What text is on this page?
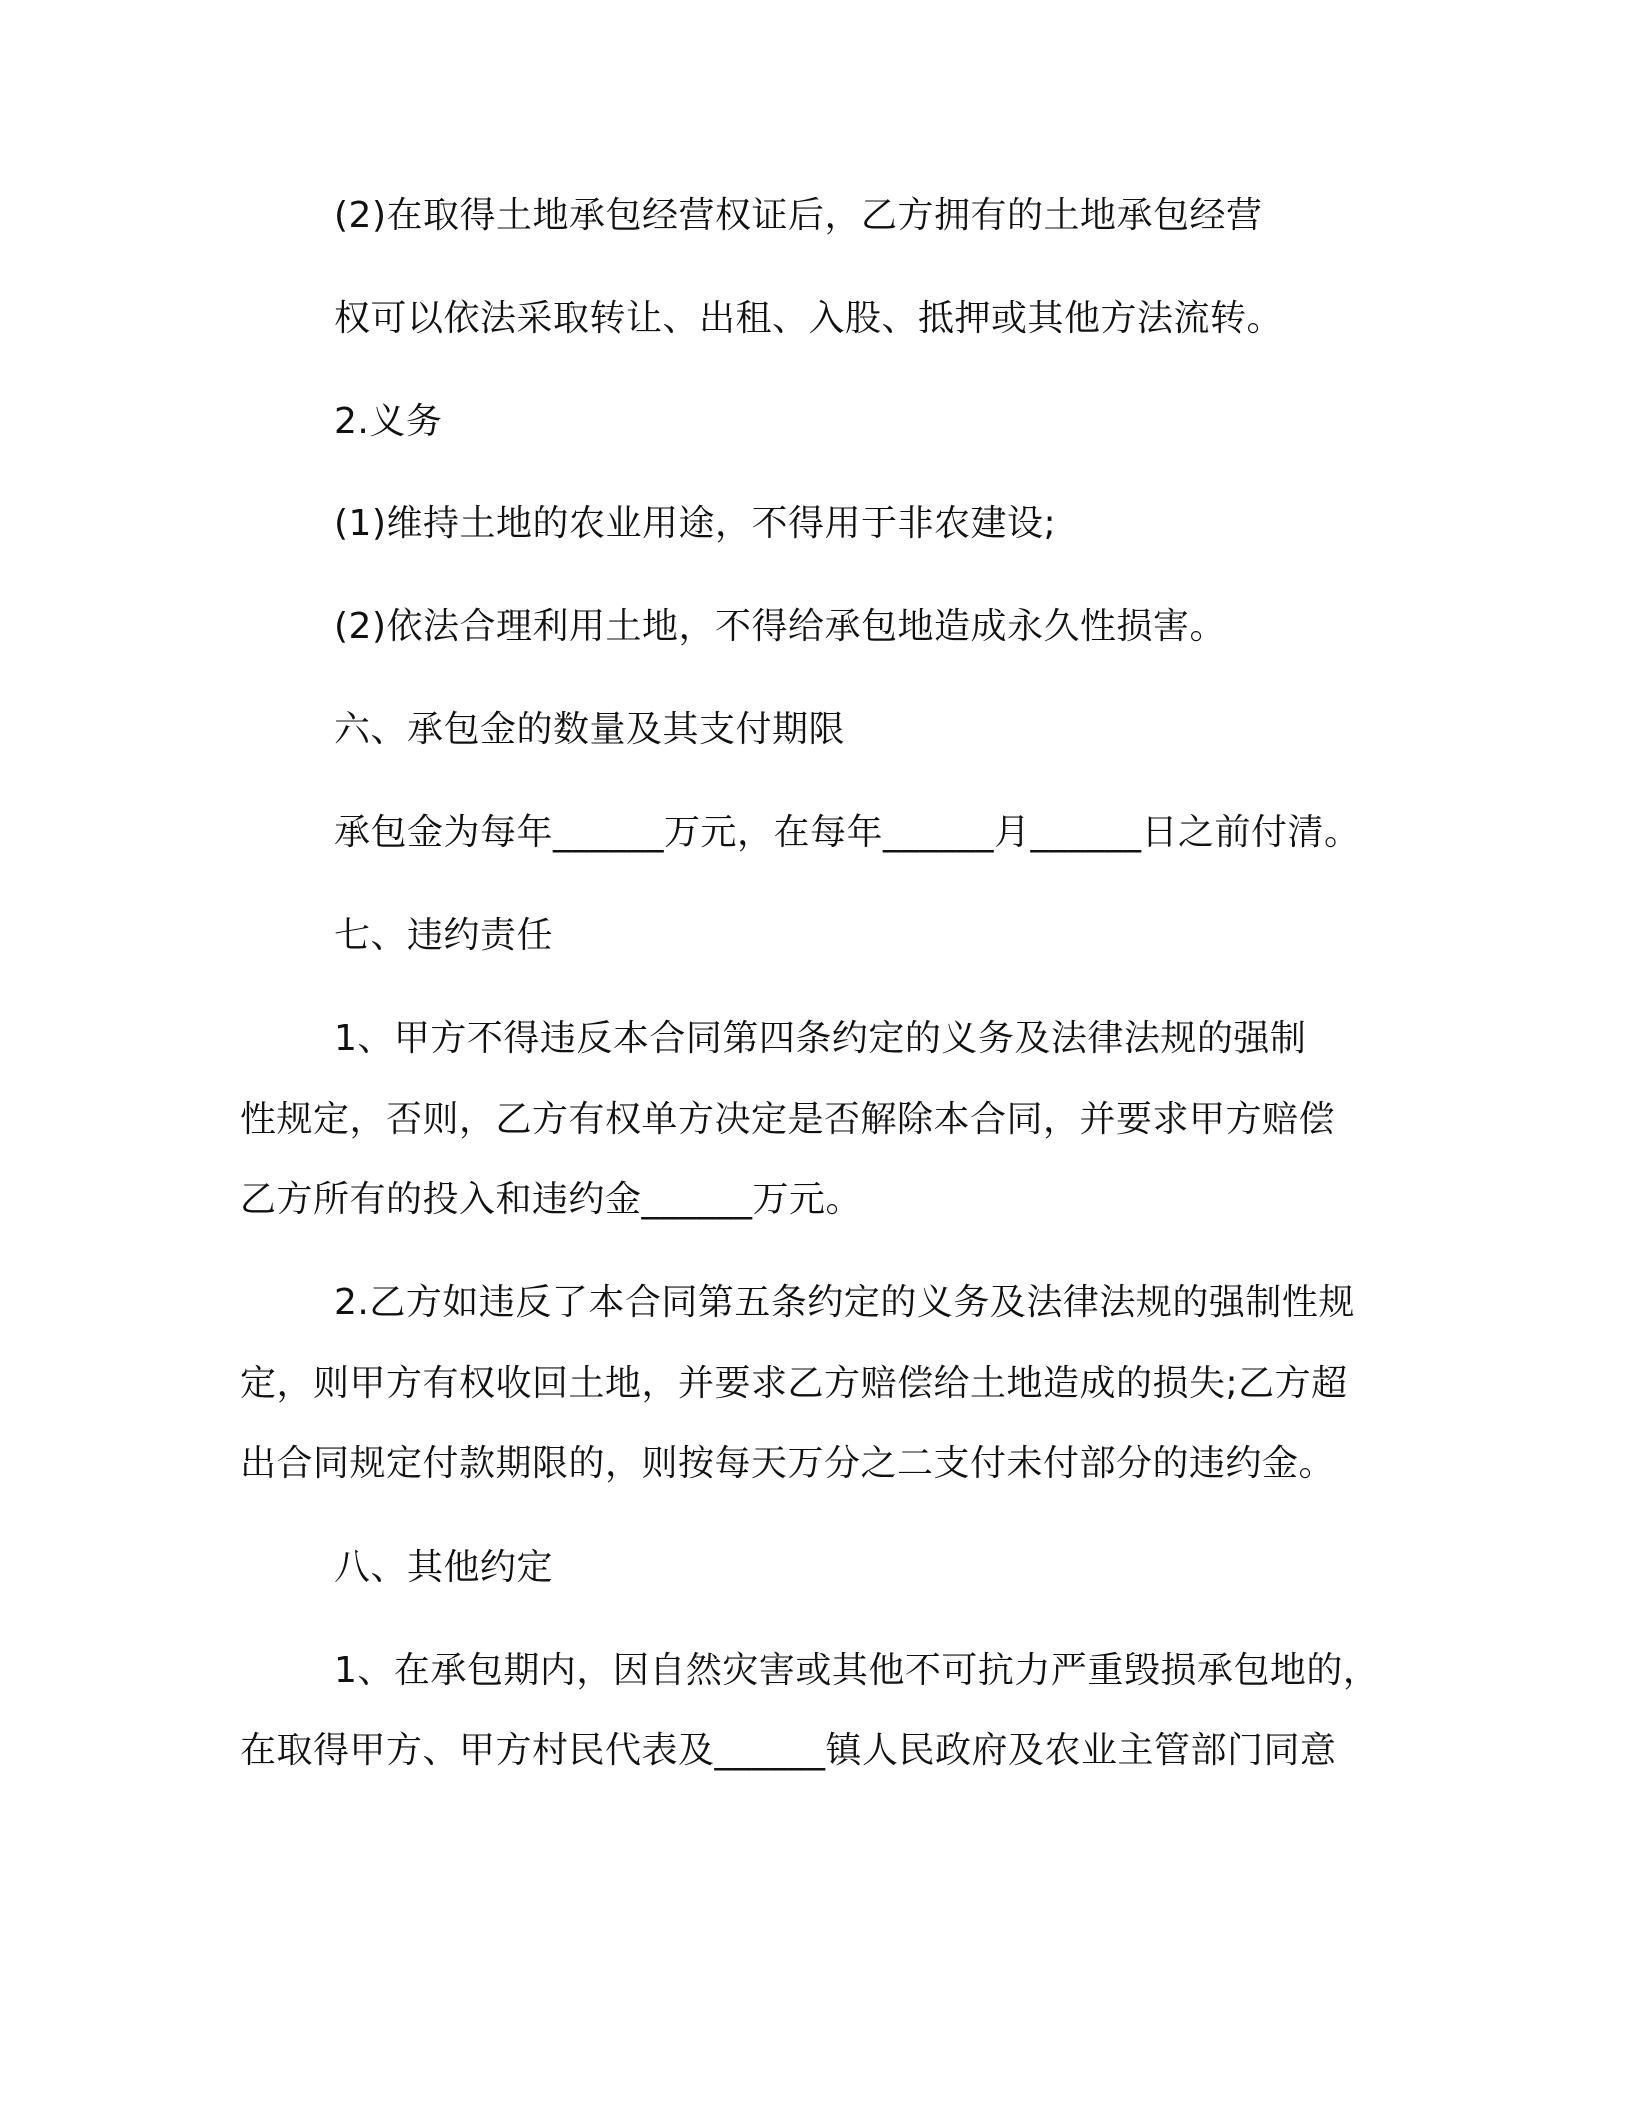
(2)在取得土地承包经营权证后，乙方拥有的土地承包经营

权可以依法采取转让、出租、入股、抵押或其他方法流转。

2.义务

(1)维持土地的农业用途，不得用于非农建设;

(2)依法合理利用土地，不得给承包地造成永久性损害。

六、承包金的数量及其支付期限

承包金为每年______万元，在每年______月______日之前付清。

七、违约责任

1、甲方不得违反本合同第四条约定的义务及法律法规的强制

性规定，否则，乙方有权单方决定是否解除本合同，并要求甲方赔偿

乙方所有的投入和违约金______万元。

2.乙方如违反了本合同第五条约定的义务及法律法规的强制性规

定，则甲方有权收回土地，并要求乙方赔偿给土地造成的损失;乙方超

出合同规定付款期限的，则按每天万分之二支付未付部分的违约金。

八、其他约定

1、在承包期内，因自然灾害或其他不可抗力严重毁损承包地的，

在取得甲方、甲方村民代表及______镇人民政府及农业主管部门同意
